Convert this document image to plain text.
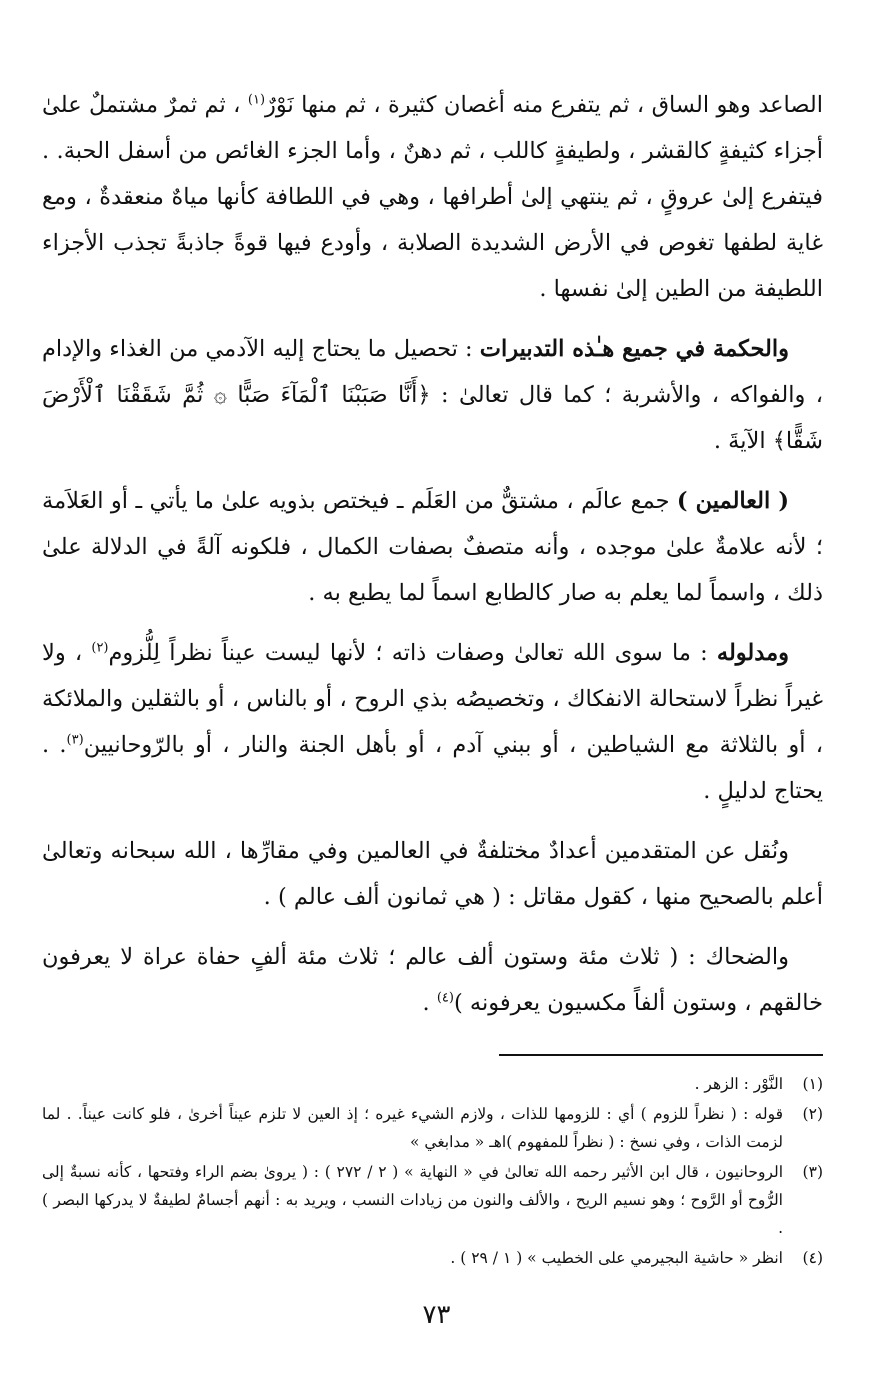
الصاعد وهو الساق ، ثم يتفرع منه أغصان كثيرة ، ثم منها نَوْرٌ$^{(١)}$ ، ثم ثمرٌ مشتملٌ علىٰ أجزاء كثيفةٍ كالقشر ، ولطيفةٍ كاللب ، ثم دهنٌ ، وأما الجزء الغائص من أسفل الحبة. . فيتفرع إلىٰ عروقٍ ، ثم ينتهي إلىٰ أطرافها ، وهي في اللطافة كأنها مياهٌ منعقدةٌ ، ومع غاية لطفها تغوص في الأرض الشديدة الصلابة ، وأودع فيها قوةً جاذبةً تجذب الأجزاء اللطيفة من الطين إلىٰ نفسها .

والحكمة في جميع هـٰذه التدبيرات : تحصيل ما يحتاج إليه الآدمي من الغذاء والإدام ، والفواكه ، والأشربة ؛ كما قال تعالىٰ : ﴿أَنَّا صَبَبْنَا ٱلْمَآءَ صَبًّا ۞ ثُمَّ شَقَقْنَا ٱلْأَرْضَ شَقًّا﴾ الآيةَ .

( العالمين ) جمع عالَم ، مشتقٌّ من العَلَم ـ فيختص بذويه علىٰ ما يأتي ـ أو العَلاَمة ؛ لأنه علامةٌ علىٰ موجده ، وأنه متصفٌ بصفات الكمال ، فلكونه آلةً في الدلالة علىٰ ذلك ، واسماً لما يعلم به صار كالطابع اسماً لما يطبع به .

ومدلوله : ما سوى الله تعالىٰ وصفات ذاته ؛ لأنها ليست عيناً نظراً لِلُّزوم$^{(٢)}$ ، ولا غيراً نظراً لاستحالة الانفكاك ، وتخصيصُه بذي الروح ، أو بالناس ، أو بالثقلين والملائكة ، أو بالثلاثة مع الشياطين ، أو ببني آدم ، أو بأهل الجنة والنار ، أو بالرّوحانيين$^{(٣)}$. . يحتاج لدليلٍ .

ونُقل عن المتقدمين أعدادٌ مختلفةٌ في العالمين وفي مقارِّها ، الله سبحانه وتعالىٰ أعلم بالصحيح منها ، كقول مقاتل : ( هي ثمانون ألف عالم ) .

والضحاك : ( ثلاث مئة وستون ألف عالم ؛ ثلاث مئة ألفٍ حفاة عراة لا يعرفون خالقهم ، وستون ألفاً مكسيون يعرفونه )$^{(٤)}$ .

(١)
النَّوْر : الزهر .
(٢)
قوله : ( نظراً للزوم ) أي : للزومها للذات ، ولازم الشيء غيره ؛ إذ العين لا تلزم عيناً أخرىٰ ، فلو كانت عيناً. . لما لزمت الذات ، وفي نسخ : ( نظراً للمفهوم )اهـ « مدابغي »
(٣)
الروحانيون ، قال ابن الأثير رحمه الله تعالىٰ في « النهاية » ( ٢ / ٢٧٢ ) : ( يروىٰ بضم الراء وفتحها ، كأنه نسبةٌ إلى الرُّوح أو الرَّوح ؛ وهو نسيم الريح ، والألف والنون من زيادات النسب ، ويريد به : أنهم أجسامٌ لطيفةٌ لا يدركها البصر ) .
(٤)
انظر « حاشية البجيرمي على الخطيب » ( ١ / ٢٩ ) .
٧٣
